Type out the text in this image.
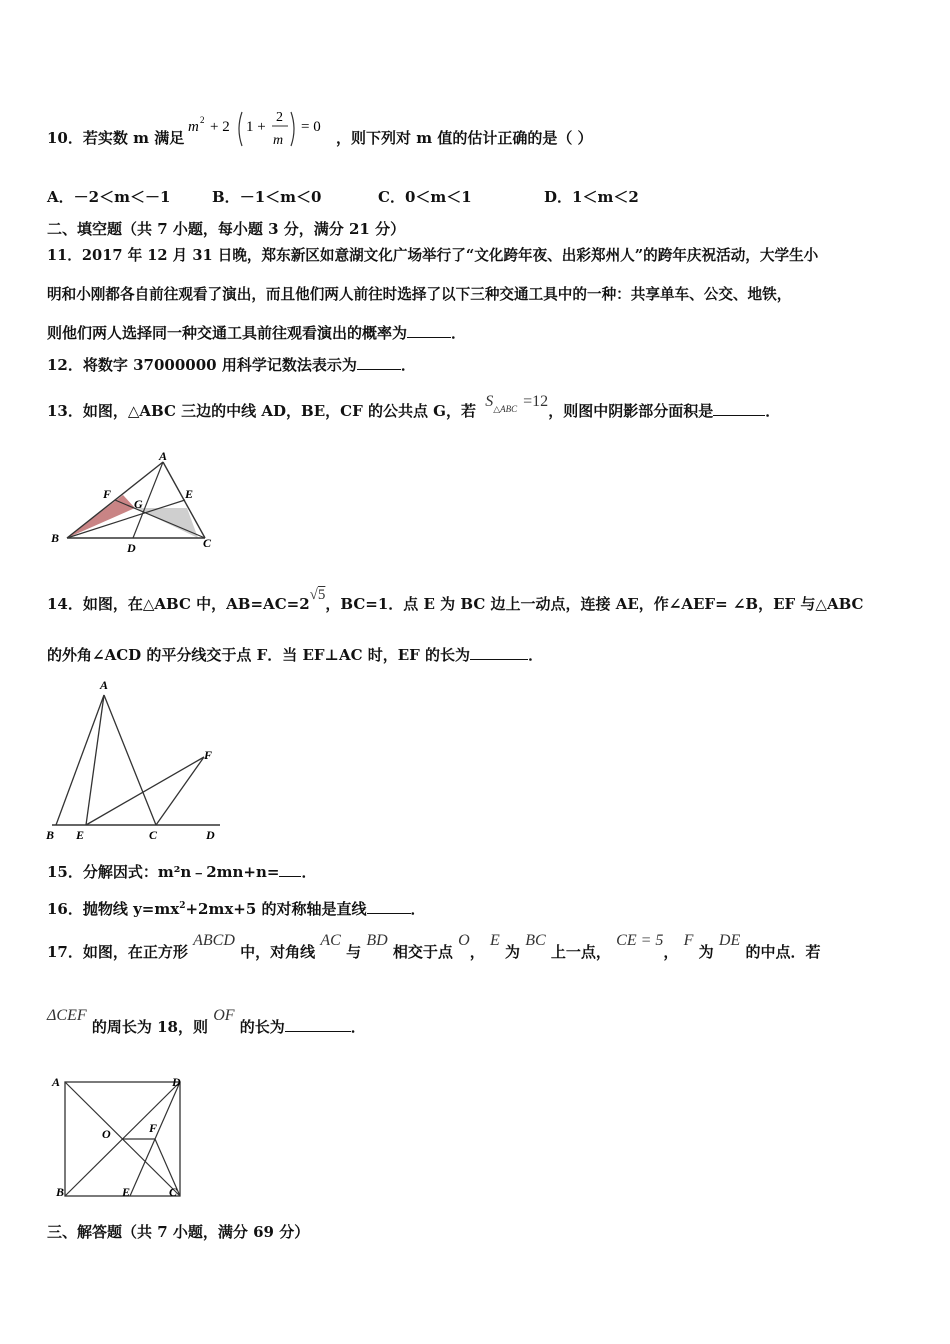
10．若实数 m 满足
m 2 + 2 1 +
2
m
= 0
，则下列对 m 值的估计正确的是（ ）
A．－2＜m＜－1	B．－1＜m＜0	C．0＜m＜1	D．1＜m＜2
二、填空题（共 7 小题，每小题 3 分，满分 21 分）
11．2017 年 12 月 31 日晚，郑东新区如意湖文化广场举行了“文化跨年夜、出彩郑州人”的跨年庆祝活动，大学生小
明和小刚都各自前往观看了演出，而且他们两人前往时选择了以下三种交通工具中的一种：共享单车、公交、地铁，
则他们两人选择同一种交通工具前往观看演出的概率为	．
12．将数字 37000000 用科学记数法表示为	．
13．如图，△ABC 三边的中线 AD，BE，CF 的公共点 G，若 $S^{\triangle ABC} =12$，则图中阴影部分面积是	．
A
F
G
E
B
D	C
14．如图，在△ABC 中，AB=AC=2√5，BC=1．点 E 为 BC 边上一动点，连接 AE，作∠AEF= ∠B，EF 与△ABC
的外角∠ACD 的平分线交于点 F．当 EF⊥AC 时，EF 的长为	．
A
F
B E	C	D
15．分解因式：m²n﹣2mn+n= ．
16．抛物线 $y=mx^2+2mx+5$ 的对称轴是直线	．
17．如图，在正方形 ABCD 中，对角线 AC 与 BD 相交于点 O， E 为 BC 上一点， CE = 5， F 为 DE 的中点．若
ΔCEF 的周长为 18，则 OF 的长为	．
A	D
O	F
B	E	C
三、解答题（共 7 小题，满分 69 分）
